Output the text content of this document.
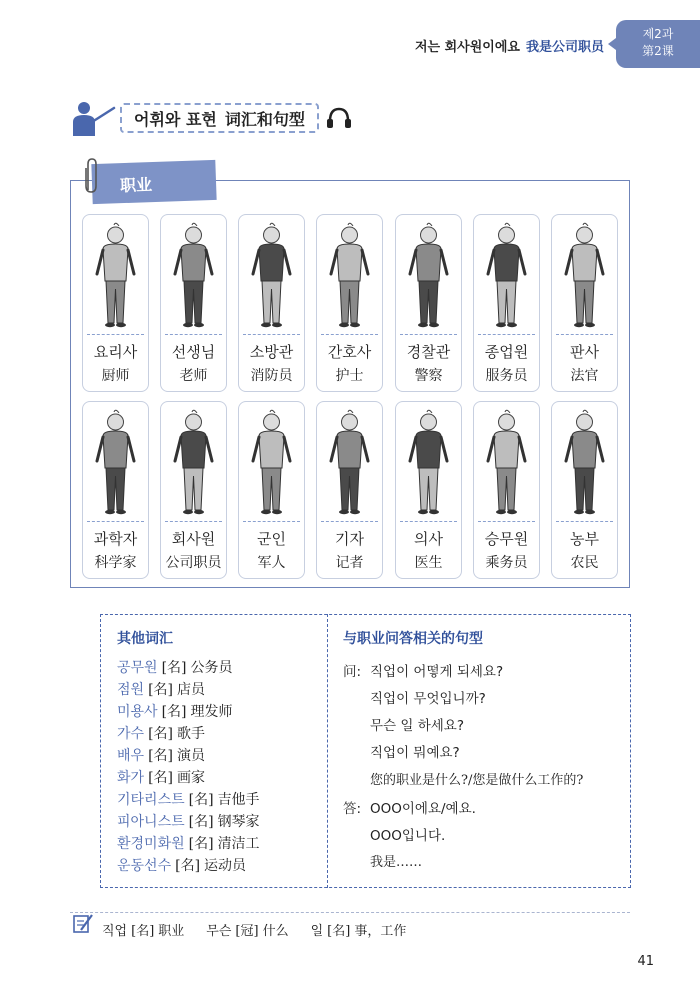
저는 회사원이에요 我是公司职员
제2과
第2课
어휘와 표현 词汇和句型
职业
요리사
厨师
선생님
老师
소방관
消防员
간호사
护士
경찰관
警察
종업원
服务员
판사
法官
과학자
科学家
회사원
公司职员
군인
军人
기자
记者
의사
医生
승무원
乘务员
농부
农民
其他词汇
공무원 [名] 公务员
점원 [名] 店员
미용사 [名] 理发师
가수 [名] 歌手
배우 [名] 演员
화가 [名] 画家
기타리스트 [名] 吉他手
피아니스트 [名] 钢琴家
환경미화원 [名] 清洁工
운동선수 [名] 运动员
与职业问答相关的句型
问: 직업이 어떻게 되세요?
직업이 무엇입니까?
무슨 일 하세요?
직업이 뭐예요?
您的职业是什么?/您是做什么工作的?
答: OOO이에요/예요.
OOO입니다.
我是……
직업 [名] 职业 무슨 [冠] 什么 일 [名] 事，工作
41
